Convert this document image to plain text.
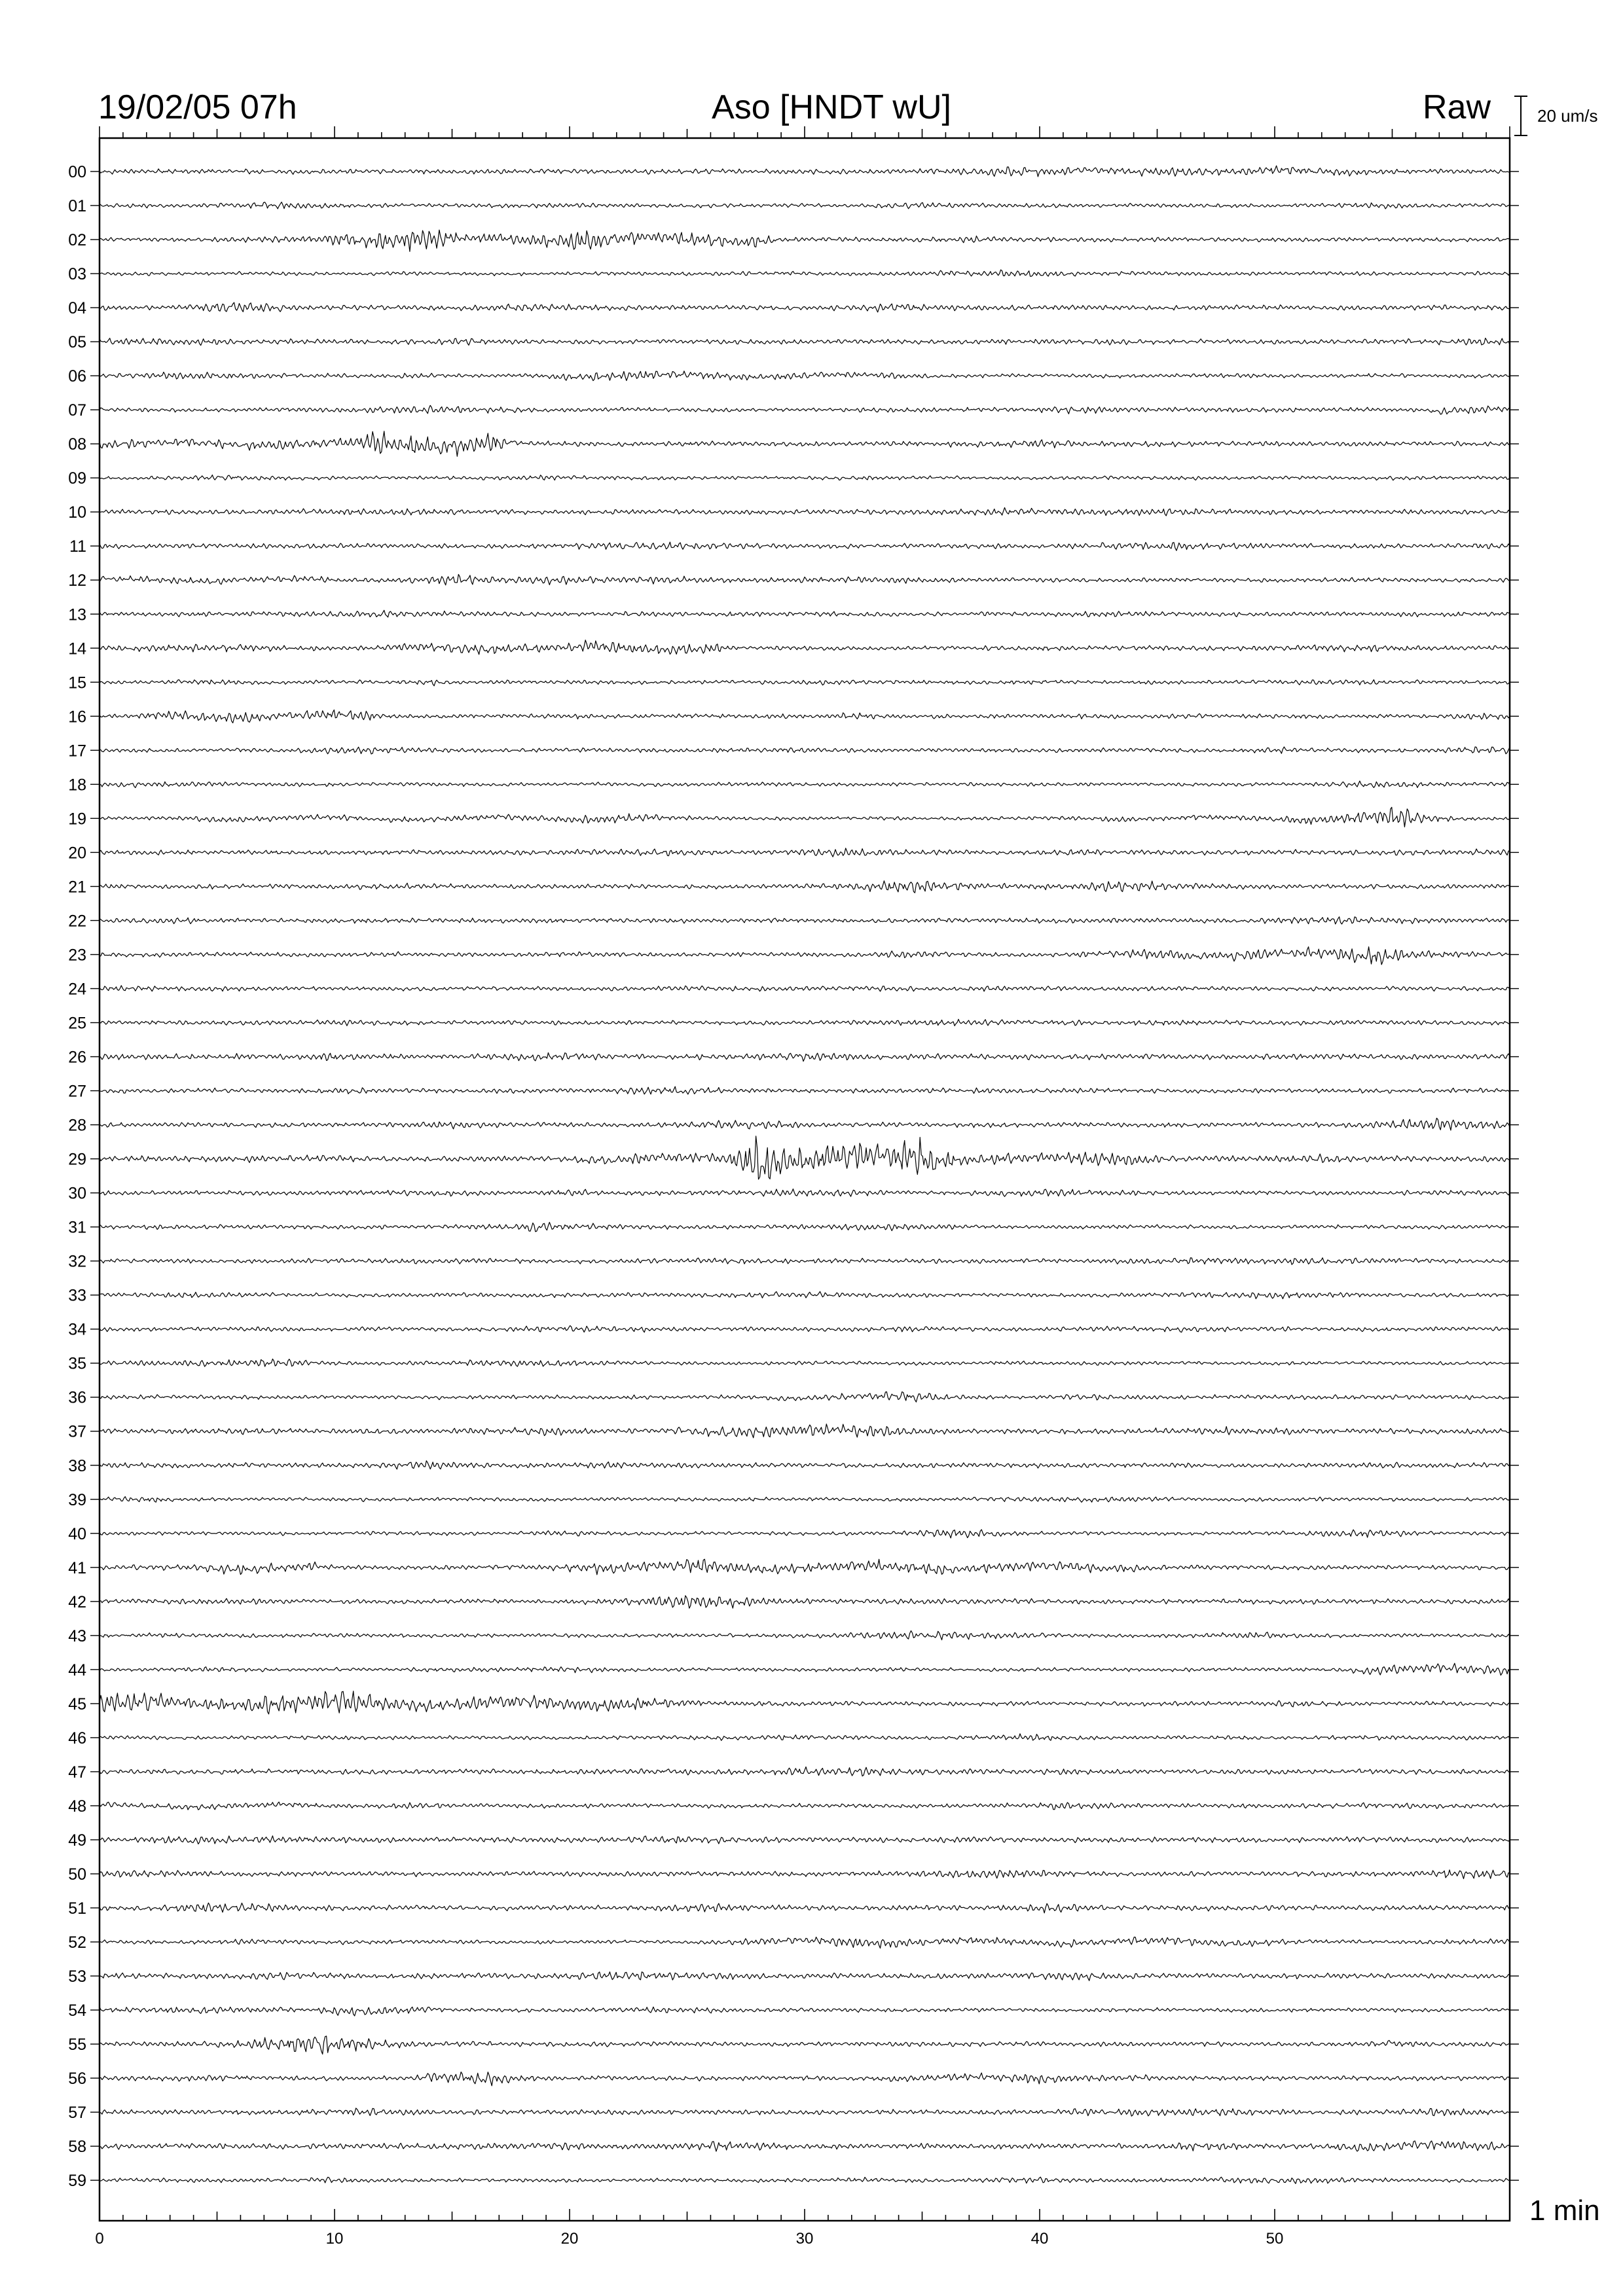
00
01
02
03
04
05
06
07
08
09
10
11
12
13
14
15
16
17
18
19
20
21
22
23
24
25
26
27
28
29
30
31
32
33
34
35
36
37
38
39
40
41
42
43
44
45
46
47
48
49
50
51
52
53
54
55
56
57
58
59
0	10	20	30	40	50
19/02/05 07h	Aso [HNDT wU]	Raw	20 um/s
1 min
